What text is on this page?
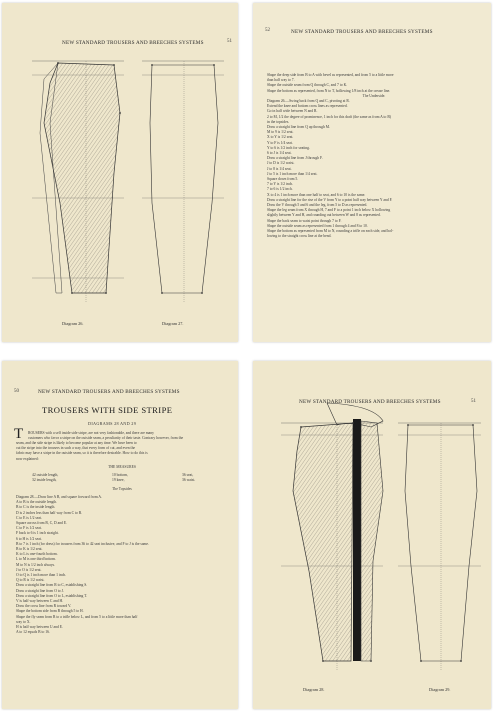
NEW STANDARD TROUSERS AND BREECHES SYSTEMS	51
Diagram 26.	Diagram 27.
52	NEW STANDARD TROUSERS AND BREECHES SYSTEMS
Shape the deep side from B to A with bevel as represented, and from 5 to a little more
than half way to 7.
Shape the outside seam from Q through C, and 7 to K.
Shape the bottom as represented, from N to T, hollowing 1/8 inch at the crease line.
The Underside.
Diagram 26.—Swing back from Q and C, pivoting at R.
Extend the knee and bottom cross lines as represented.
Go in half wide between N and R.
2 to M, 1/2 the degree of prominence, 1 inch for this draft (the same as from A to B)
in the topsides.
Draw a straight line from Q up through M.
M to 9 is 1/2 seat.
X to Y is 1/2 seat.
Y to F is 1/4 seat.
Y to 6 is 1/2 inch for seating.
6 to J is 1/4 seat.
Draw a straight line from J through F.
J to D is 1/2 waist.
J to 8 is 1/4 seat.
J to 5 is 1 inch more than 1/4 seat.
Square down from 5.
7 to Y is 1/2 inch.
7 to 6 is 1/2 inch.
X to 4 is 1 inch more than one half to seat, and 6 to 10 is the same.
Draw a straight line for the rise of the V from Y to a point half way between Y and F.
Draw the V through 5 and 6 and the leg, from 5 to D as represented.
Shape the leg seam from X through H, 7 and F to a point 1 inch below X hollowing
slightly between Y and H, and rounding out between W and 8 as represented.
Shape the back seam to waist point through 7 to F.
Shape the outside seam as represented from 1 through 4 and 8 to 10.
Shape the bottom as represented from M to N, rounding a trifle on each side, and hol-
lowing to the straight cross line at the bend.
50	NEW STANDARD TROUSERS AND BREECHES SYSTEMS
TROUSERS WITH SIDE STRIPE
DIAGRAMS 28 AND 29
T ROUSERS with a self inside side stripe, are not very fashionable, and there are many
customers who favor a stripe on the outside seam, a peculiarity of their taste. Contrary however, from the
seam, and the side stripe is likely to become popular at any time. We have been to
cut the stripe into the trousers in such a way, that every form of cut, and even the
fabric may have a stripe in the outside seam, so it is therefore desirable. How to do this is
now explained:
THE MEASURES
42 outside length,	10 bottom,	36 seat,
32 inside length,	19 knee,	36 waist.
The Topsides
Diagram 28.—Draw line A B, and square forward from A.
A to B is the outside length.
B to C is the inside length.
D is 2 inches less than half way from C to B.
C to E is 1/2 seat.
Square across from B, C, D and E.
C to F is 1/2 seat.
F back to 6 is 1 inch straight.
6 to H is 1/2 seat.
B to 7 is 1 inch (for dress) for trousers from 36 to 42 seat inclusive, and F to J is the same.
B to K is 1/2 seat.
K to L is one-fourth bottom.
L to M is one third bottom.
M to N is 1/2 inch always.
J to O is 1/2 seat.
O to Q is 1 inch more than 1 inch.
Q to R is 1/2 waist.
Draw a straight line from R to C, establishing S.
Draw a straight line from O to J.
Draw a straight line from O to L, establishing T.
V is half way between C and H.
Draw the cross line from R toward V.
Shape the bottom side from B through 5 to H.
Shape the fly seam from R to a trifle below L, and from 5 to a little more than half
way to X.
H is half way between U and E.
A to 12 equals B to 16.
NEW STANDARD TROUSERS AND BREECHES SYSTEMS	51
Diagram 28.	Diagram 29.
